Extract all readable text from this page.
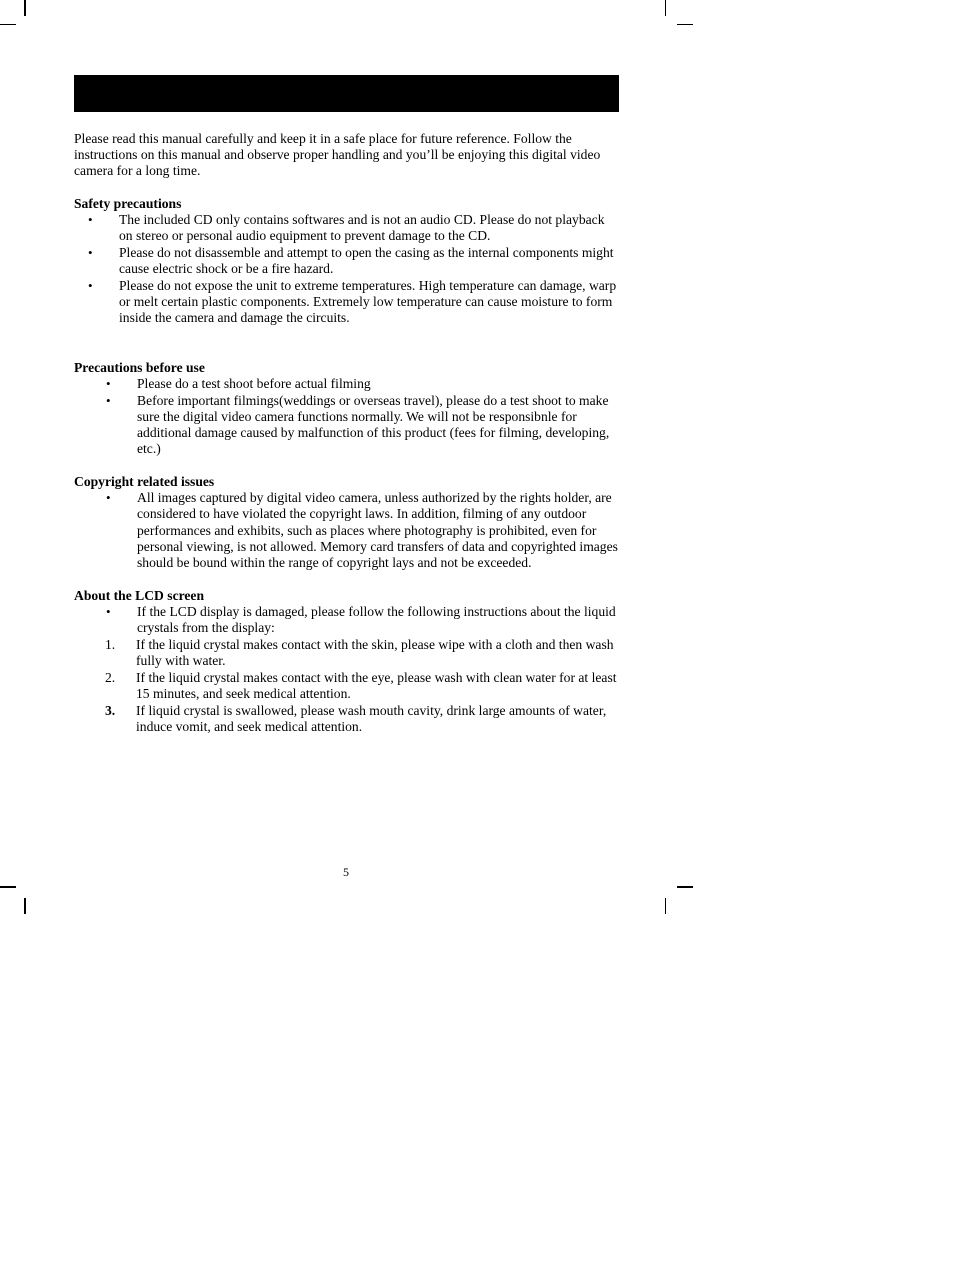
Please read this manual carefully and keep it in a safe place for future reference. Follow the instructions on this manual and observe proper handling and you’ll be enjoying this digital video camera for a long time.

Safety precautions
• The included CD only contains softwares and is not an audio CD. Please do not playback on stereo or personal audio equipment to prevent damage to the CD.
• Please do not disassemble and attempt to open the casing as the internal components might cause electric shock or be a fire hazard.
• Please do not expose the unit to extreme temperatures. High temperature can damage, warp or melt certain plastic components. Extremely low temperature can cause moisture to form inside the camera and damage the circuits.
Precautions before use
• Please do a test shoot before actual filming
• Before important filmings(weddings or overseas travel), please do a test shoot to make sure the digital video camera functions normally. We will not be responsibnle for additional damage caused by malfunction of this product (fees for filming, developing, etc.)
Copyright related issues
• All images captured by digital video camera, unless authorized by the rights holder, are considered to have violated the copyright laws. In addition, filming of any outdoor performances and exhibits, such as places where photography is prohibited, even for personal viewing, is not allowed. Memory card transfers of data and copyrighted images should be bound within the range of copyright lays and not be exceeded.
About the LCD screen
• If the LCD display is damaged, please follow the following instructions about the liquid crystals from the display:
1. If the liquid crystal makes contact with the skin, please wipe with a cloth and then wash fully with water.
2. If the liquid crystal makes contact with the eye, please wash with clean water for at least 15 minutes, and seek medical attention.
3. If liquid crystal is swallowed, please wash mouth cavity, drink large amounts of water, induce vomit, and seek medical attention.
5
